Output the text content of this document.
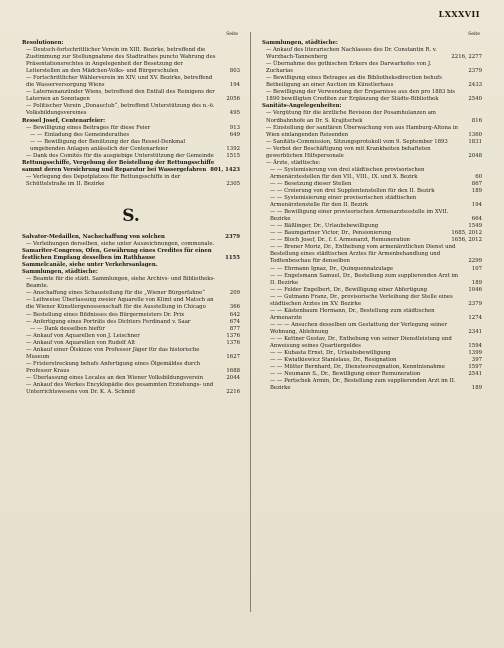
LXXXVII
Seite
Resolutionen:
— Deutsch-fortschrittlicher Verein im XIII. Bezirke, betreffend die Zustimmung zur Stellungnahme des Stadtrathes puncto Wahrung des Präsentationsrechtes in Angelegenheit der Besetzung der Leiterstellen an den Mädchen-Volks- und Bürgerschulen	803
— Fortschrittlicher Wählerverein im XIV. und XV. Bezirke, betreffend die Wasserversorgung Wiens	194
— Laternenanzünder Wiens, betreffend den Entfall des Reinigens der Laternen an Sonntagen	2056
— Politischer Verein „Donauclub“, betreffend Unterstützung des n.-ö. Volksbildungsvereines	495
Ressel Josef, Centenarfeier:
— Bewilligung eines Beitrages für diese Feier	913
— — Einladung des Gemeinderathes	649
— — Bewilligung der Benützung der das Ressel-Denkmal umgebenden Anlagen anlässlich der Centenarfeier	1392
— Dank des Comités für die ausgiebige Unterstützung der Gemeinde	1515
Rettungsschiffe, Vergebung der Beistellung der Rettungsschiffe sammt deren Versichrung und Reparatur bei Wassergefahren 801, 1423
— Verlegung des Depotplatzes für Rettungsschiffe in der Schüttelstraße im II. Bezirke	2305
S.
Salvator-Medaillen, Nachschaffung von solchen	2379
— Verleihungen derselben, siehe unter Auszeichnungen, communale.
Samariter-Congress, Ofen, Gewährung eines Credites für einen festlichen Empfang desselben im Rathhause	1155
Sammelcanäle, siehe unter Verkehrsanlagen.
Sammlungen, städtische:
— Beamte für die städt. Sammlungen, siehe Archivs- und Bibliotheks-Beamte.
— Anschaffung eines Schaustellung für die „Wiener Bürgerfahne“	209
— Leihweise Überlassung zweier Aquarelle von Klimt und Matsch an die Wiener Künstlergenossenschaft für die Ausstellung in Chicago	366
— Bestellung eines Bildnisses des Bürgermeisters Dr. Prix	642
— Anfertigung eines Porträts des Dichters Ferdinand v. Saar	674
— — Dank desselben hiefür	877
— Ankauf von Aquarellen von J. Leischner	1376
— Ankauf von Aquarellen von Rudolf Alt	1376
— Ankauf einer Ölskizze von Professor Jäger für das historische Museum	1627
— Fristerstreckung behufs Anfertigung eines Ölgemäldes durch Professor Kraus	1688
— Überlassung eines Locales an den Wiener Volksbildungsverein	2044
— Ankauf des Werkes Encyklopädie des gesammten Erziehungs- und Unterrichtswesens von Dr. K. A. Schmid	2216
Seite
Sammlungen, städtische:
— Ankauf des literarischen Nachlasses des Dr. Constantin R. v. Wurzbach-Tannenberg	2216, 2277
— Übernahme des gothischen Erkers des Darwarhofes von J. Zucharias	2379
— Bewilligung eines Betrages an die Bibliotheksdirection behufs Betheiligung an einer Auction im Künstlerhaus	2433
— Bewilligung der Verwendung der Ersparnisse aus den pro 1883 bis 1890 bewilligten Crediten zur Ergänzung der Städte-Bibliothek	2540
Sanitäts-Angelegenheiten:
— Vergütung für die ärztliche Revision der Posamhulanzen am Nordbahnhofe an Dr. S. Krajitschek	816
— Einstellung der sanitären Überwachung von aus Hamburg-Altona in Wien einlangenden Reisenden	1360
— Sanitäts-Commission, Sitzungsprotokoll vom 9. September 1893	1831
— Verbot der Beschäftigung von mit Krankheiten behafteten gewerblichen Hilfspersonale	2048
— Ärzte, städtische:
— — Systemisierung von drei städtischen provisorischen Armenärztestellen für den VII., VIII., IX. und X. Bezirk	60
— — Besetzung dieser Stellen	867
— — Creierung von drei Supplentenstellen für den II. Bezirk	189
— — Systemisierung einer provisorischen städtischen Armenärztenstelle für den II. Bezirk	194
— — Bewilligung einer provisorischen Armenarztesstelle im XVII. Bezirke	664
— — Bäßlinger, Dr., Urlaubsbewilligung	1549
— — Baumgartner Victor, Dr., Pensionierung	1685, 2012
— — Bloch Josef, Dr., f. f. Armenarzt, Remuneration	1656, 2012
— — Brener Moriz, Dr., Enthebung vom armenärztlichen Dienst und Bestellung eines städtischen Arztes für Armenbehandlung und Todtenbeschau für denselben	2299
— — Ehrmann Ignaz, Dr., Quinquennalzulage	107
— — Engelsmann Samuel, Dr., Bestellung zum supplierenden Arzt im II. Bezirke	189
— — Felder Engelbert, Dr., Bewilligung einer Abfertigung	1046
— — Gutmann Franz, Dr., provisorische Verleihung der Stelle eines städtischen Arztes im XV. Bezirke	2379
— — Kästenbaum Hermann, Dr., Bestellung zum städtischen Armenarzte	1274
— — — Ansuchen desselben um Gestattung der Verlegung seiner Wohnung, Ablehnung	2341
— — Kettner Gustav, Dr., Enthebung von seiner Dienstleistung und Anweisung seines Quartiergeldes	1594
— — Kubasta Ernst, Dr., Urlaubsbewilligung	1399
— — Kwiatkiewicz Stanislaus, Dr., Resignation	397
— — Mütter Bernhard, Dr., Dienstesresignation, Kenntnisnahme	1597
— — Neumann S., Dr., Bewilligung einer Remuneration	2541
— — Pertschek Armin, Dr., Bestellung zum supplierenden Arzt im II. Bezirke	189
